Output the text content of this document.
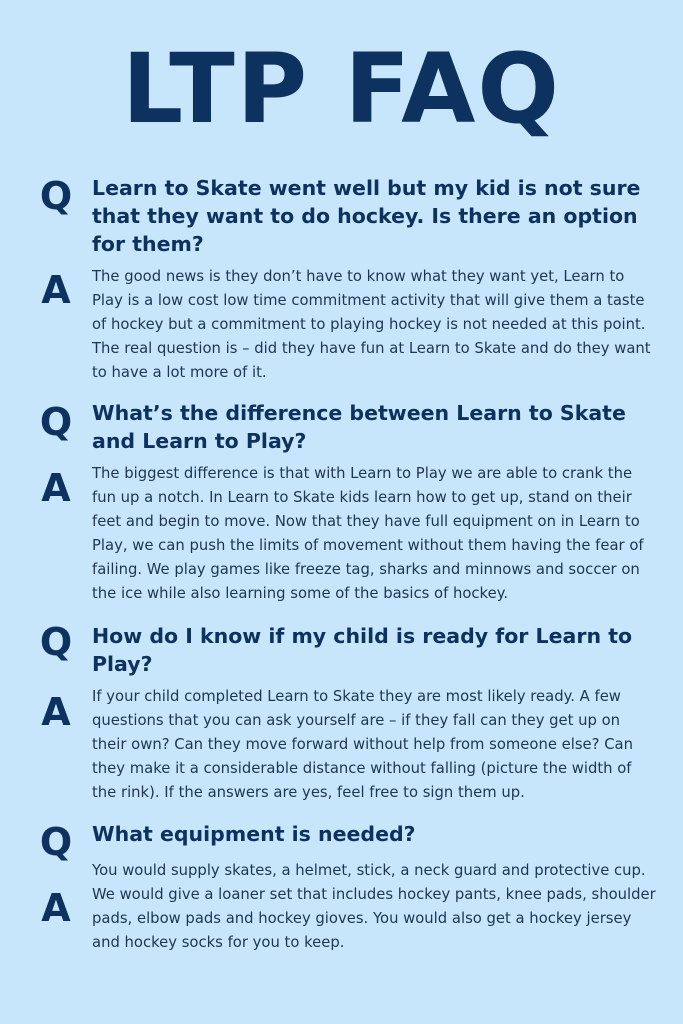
LTP FAQ
Q Learn to Skate went well but my kid is not sure that they want to do hockey. Is there an option for them?

A	The good news is they don’t have to know what they want yet, Learn to Play is a low cost low time commitment activity that will give them a taste of hockey but a commitment to playing hockey is not needed at this point. The real question is – did they have fun at Learn to Skate and do they want to have a lot more of it.

Q What’s the difference between Learn to Skate and Learn to Play?

A	The biggest difference is that with Learn to Play we are able to crank the fun up a notch. In Learn to Skate kids learn how to get up, stand on their feet and begin to move. Now that they have full equipment on in Learn to Play, we can push the limits of movement without them having the fear of failing. We play games like freeze tag, sharks and minnows and soccer on the ice while also learning some of the basics of hockey.

Q How do I know if my child is ready for Learn to Play?

A	If your child completed Learn to Skate they are most likely ready. A few questions that you can ask yourself are – if they fall can they get up on their own? Can they move forward without help from someone else? Can they make it a considerable distance without falling (picture the width of the rink). If the answers are yes, feel free to sign them up.

Q What equipment is needed?

A

You would supply skates, a helmet, stick, a neck guard and protective cup. We would give a loaner set that includes hockey pants, knee pads, shoulder pads, elbow pads and hockey gioves. You would also get a hockey jersey and hockey socks for you to keep.
